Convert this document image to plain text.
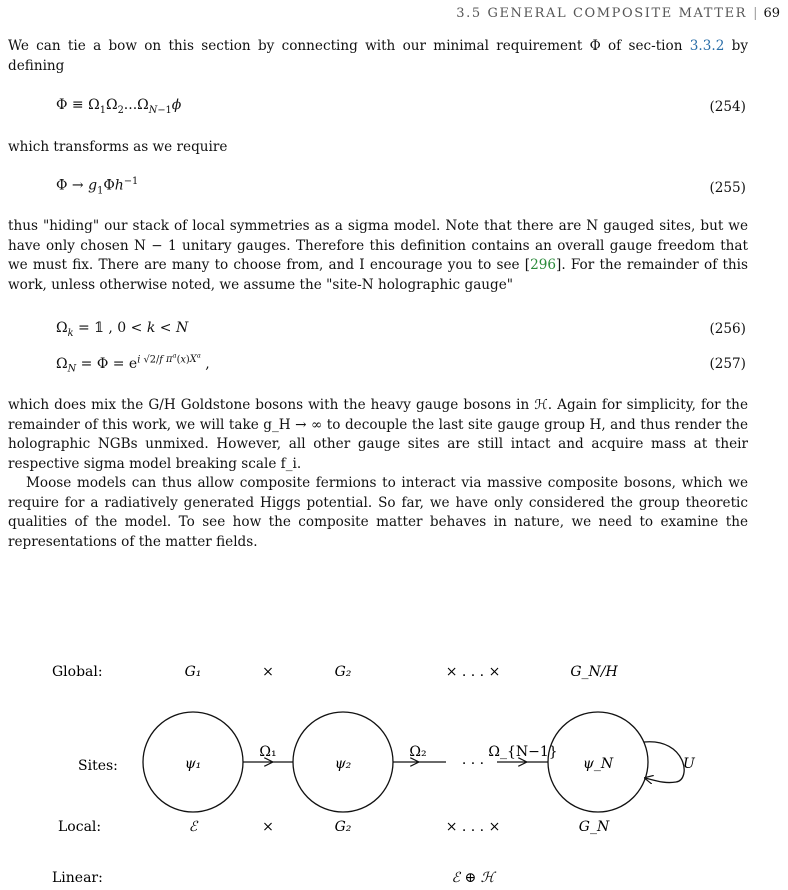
3.5 GENERAL COMPOSITE MATTER | 69
We can tie a bow on this section by connecting with our minimal requirement Φ of sec-tion 3.3.2 by defining
$\Phi \equiv \Omega_1\Omega_2...\Omega_{N-1}\phi$	(254)
which transforms as we require
$\Phi \to g_1\Phi h^{-1}$	(255)
thus "hiding" our stack of local symmetries as a sigma model. Note that there are N gauged sites, but we have only chosen N − 1 unitary gauges. Therefore this definition contains an overall gauge freedom that we must fix. There are many to choose from, and I encourage you to see [296]. For the remainder of this work, unless otherwise noted, we assume the "site-N holographic gauge"
$\Omega_k$ = 𝟙 , 0 < k < N	(256)
$\Omega_N = \Phi = e^{i √2/f \pi^a(x)X^a}$ ,	(257)
which does mix the G/H Goldstone bosons with the heavy gauge bosons in ℋ. Again for simplicity, for the remainder of this work, we will take g_H → ∞ to decouple the last site gauge group H, and thus render the holographic NGBs unmixed. However, all other gauge sites are still intact and acquire mass at their respective sigma model breaking scale f_i.
Moose models can thus allow composite fermions to interact via massive composite bosons, which we require for a radiatively generated Higgs potential. So far, we have only considered the group theoretic qualities of the model. To see how the composite matter behaves in nature, we need to examine the representations of the matter fields.
Global:
Sites:
Local:
Linear:
G₁	×	G₂	× . . . ×	G_N/H
ψ₁	ψ₂	ψ_N
Ω₁	Ω₂
· · ·
Ω_{N−1}
U
ℰ	×	G₂	× . . . ×	G_N
ℰ ⊕ ℋ
